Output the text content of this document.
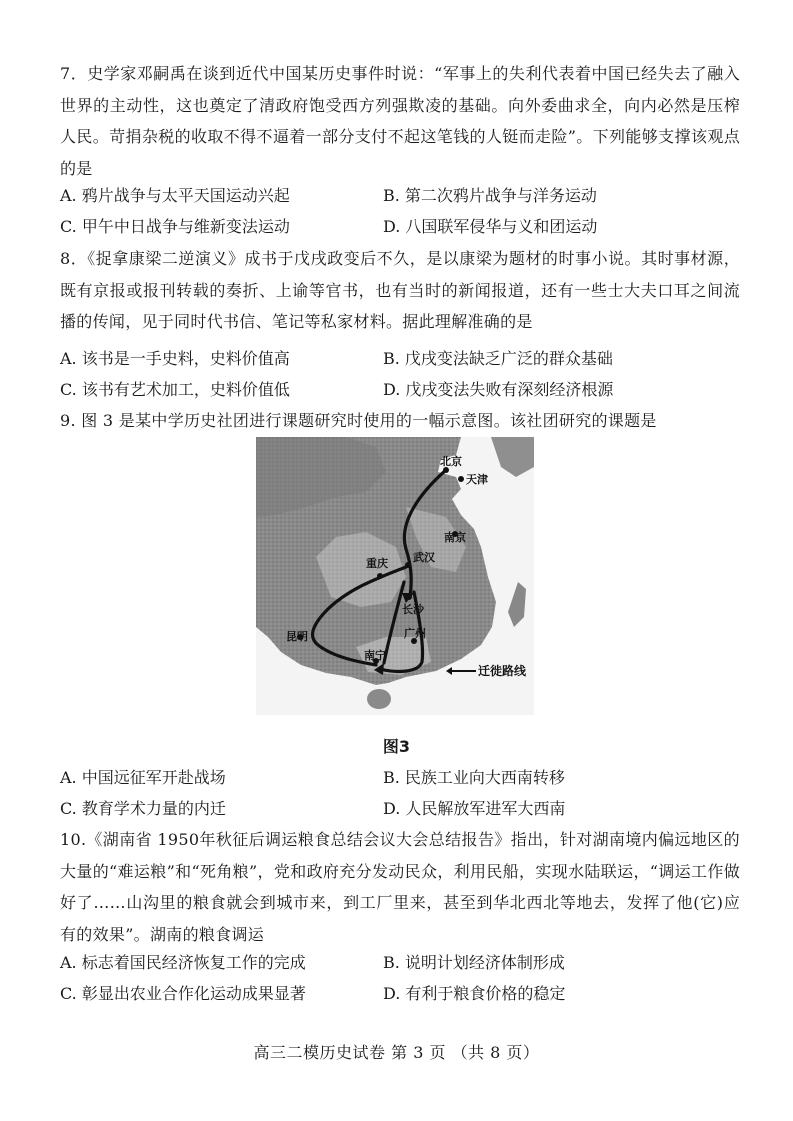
7．史学家邓嗣禹在谈到近代中国某历史事件时说：“军事上的失利代表着中国已经失去了融入世界的主动性，这也奠定了清政府饱受西方列强欺凌的基础。向外委曲求全，向内必然是压榨人民。苛捐杂税的收取不得不逼着一部分支付不起这笔钱的人铤而走险”。下列能够支撑该观点的是

A. 鸦片战争与太平天国运动兴起	B. 第二次鸦片战争与洋务运动
C. 甲午中日战争与维新变法运动	D. 八国联军侵华与义和团运动

8．《捉拿康梁二逆演义》成书于戊戌政变后不久，是以康梁为题材的时事小说。其时事材源，既有京报或报刊转载的奏折、上谕等官书，也有当时的新闻报道，还有一些士大夫口耳之间流播的传闻，见于同时代书信、笔记等私家材料。据此理解准确的是

A. 该书是一手史料，史料价值高	B. 戊戌变法缺乏广泛的群众基础
C. 该书有艺术加工，史料价值低	D. 戊戌变法失败有深刻经济根源

9. 图 3 是某中学历史社团进行课题研究时使用的一幅示意图。该社团研究的课题是

北京
天津
南京
武汉
重庆
长沙
昆明
南宁
广州
迁徙路线
图3
A. 中国远征军开赴战场	B. 民族工业向大西南转移
C. 教育学术力量的内迁	D. 人民解放军进军大西南

10.《湖南省 1950年秋征后调运粮食总结会议大会总结报告》指出，针对湖南境内偏远地区的大量的“难运粮”和“死角粮”，党和政府充分发动民众，利用民船，实现水陆联运，“调运工作做好了……山沟里的粮食就会到城市来，到工厂里来，甚至到华北西北等地去，发挥了他(它)应有的效果”。湖南的粮食调运

A. 标志着国民经济恢复工作的完成	B. 说明计划经济体制形成
C. 彰显出农业合作化运动成果显著	D. 有利于粮食价格的稳定
高三二模历史试卷 第 3 页 （共 8 页）
